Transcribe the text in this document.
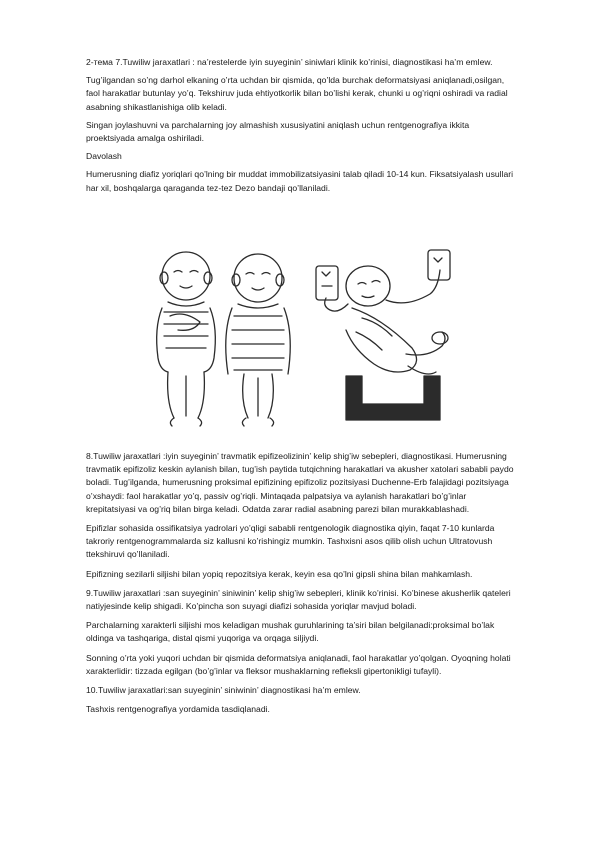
2-тема 7.Tuwiliw jaraxatlari : na’restelerde iyin suyeginin’ siniwlari klinik ko’rinisi, diagnostikasi ha’m emlew.

Tug’ilgandan so’ng darhol elkaning o’rta uchdan bir qismida, qo’lda burchak deformatsiyasi aniqlanadi,osilgan, faol harakatlar butunlay yo’q. Tekshiruv juda ehtiyotkorlik bilan bo’lishi kerak, chunki u og’riqni oshiradi va radial asabning shikastlanishiga olib keladi.

Singan joylashuvni va parchalarning joy almashish xususiyatini aniqlash uchun rentgenografiya ikkita proektsiyada amalga oshiriladi.

Davolash

Humerusning diafiz yoriqlari qo’lning bir muddat immobilizatsiyasini talab qiladi 10-14 kun. Fiksatsiyalash usullari har xil, boshqalarga qaraganda tez-tez Dezo bandaji qo’llaniladi.

8.Tuwiliw jaraxatlari :iyin suyeginin’ travmatik epifizeolizinin’ kelip shig’iw sebepleri, diagnostikasi. Humerusning travmatik epifizoliz keskin aylanish bilan, tug’ish paytida tutqichning harakatlari va akusher xatolari sababli paydo boladi. Tug’ilganda, humerusning proksimal epifizining epifizoliz pozitsiyasi Duchenne-Erb falajidagi pozitsiyaga o’xshaydi: faol harakatlar yo’q, passiv og’riqli. Mintaqada palpatsiya va aylanish harakatlari bo’g’inlar krepitatsiyasi va og’riq bilan birga keladi. Odatda zarar radial asabning parezi bilan murakkablashadi.

Epifizlar sohasida ossifikatsiya yadrolari yo’qligi sababli rentgenologik diagnostika qiyin, faqat 7-10 kunlarda takroriy rentgenogrammalarda siz kallusni ko’rishingiz mumkin. Tashxisni asos qilib olish uchun Ultratovush ttekshiruvi qo’llaniladi.

Epifizning sezilarli siljishi bilan yopiq repozitsiya kerak, keyin esa qo’lni gipsli shina bilan mahkamlash.

9.Tuwiliw jaraxatlari :san suyeginin’ siniwinin’ kelip shig’iw sebepleri, klinik ko’rinisi. Ko’binese akusherlik qateleri natiyjesinde kelip shigadi. Ko’pincha son suyagi diafizi sohasida yoriqlar mavjud boladi.

Parchalarning xarakterli siljishi mos keladigan mushak guruhlarining ta’siri bilan belgilanadi:proksimal bo’lak oldinga va tashqariga, distal qismi yuqoriga va orqaga siljiydi.

Sonning o’rta yoki yuqori uchdan bir qismida deformatsiya aniqlanadi, faol harakatlar yo’qolgan. Oyoqning holati xarakterlidir: tizzada egilgan (bo’g’inlar va fleksor mushaklarning refleksli gipertonikligi tufayli).

10.Tuwiliw jaraxatlari:san suyeginin’ siniwinin’ diagnostikasi ha’m emlew.

Tashxis rentgenografiya yordamida tasdiqlanadi.
